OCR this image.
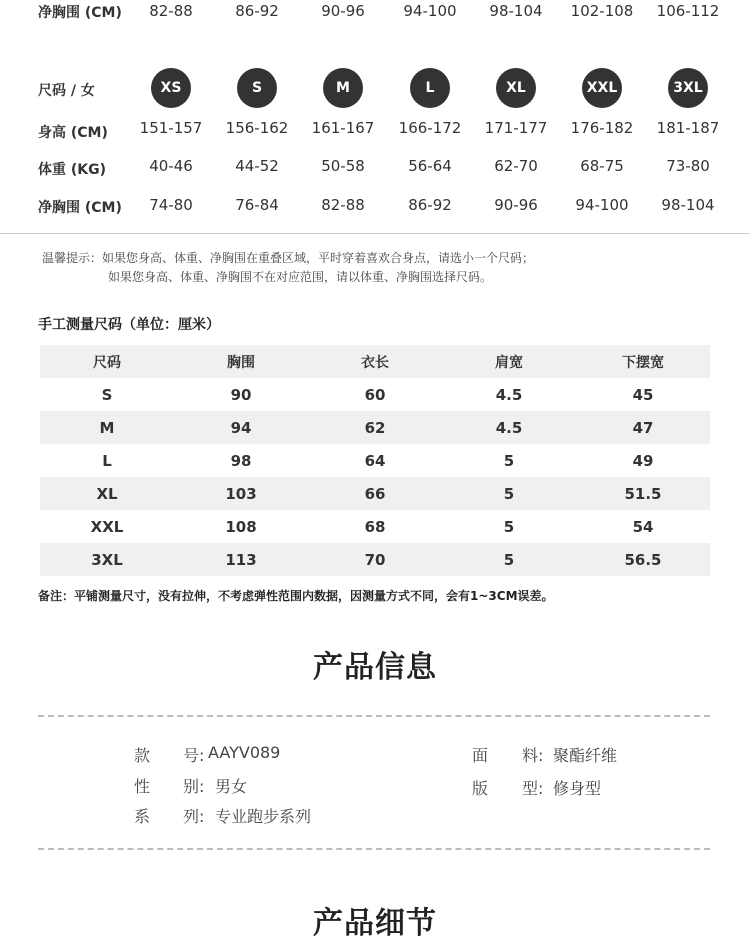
净胸围 (CM)	82-88	86-92	90-96	94-100	98-104	102-108	106-112
尺码 / 女	XS	S	M	L	XL	XXL	3XL
身高 (CM)	151-157	156-162	161-167	166-172	171-177	176-182	181-187
体重 (KG)	40-46	44-52	50-58	56-64	62-70	68-75	73-80
净胸围 (CM)	74-80	76-84	82-88	86-92	90-96	94-100	98-104
温馨提示：如果您身高、体重、净胸围在重叠区域，平时穿着喜欢合身点，请选小一个尺码；
如果您身高、体重、净胸围不在对应范围，请以体重、净胸围选择尺码。
手工测量尺码（单位：厘米）
尺码	胸围	衣长	肩宽	下摆宽
S	90	60	4.5	45
M	94	62	4.5	47
L	98	64	5	49
XL	103	66	5	51.5
XXL	108	68	5	54
3XL	113	70	5	56.5
备注：平铺测量尺寸，没有拉伸，不考虑弹性范围内数据，因测量方式不同，会有1~3CM误差。
产品信息
款 号: AAYV089
性 别: 男女
系 列: 专业跑步系列
面 料: 聚酯纤维
版 型: 修身型
产品细节
